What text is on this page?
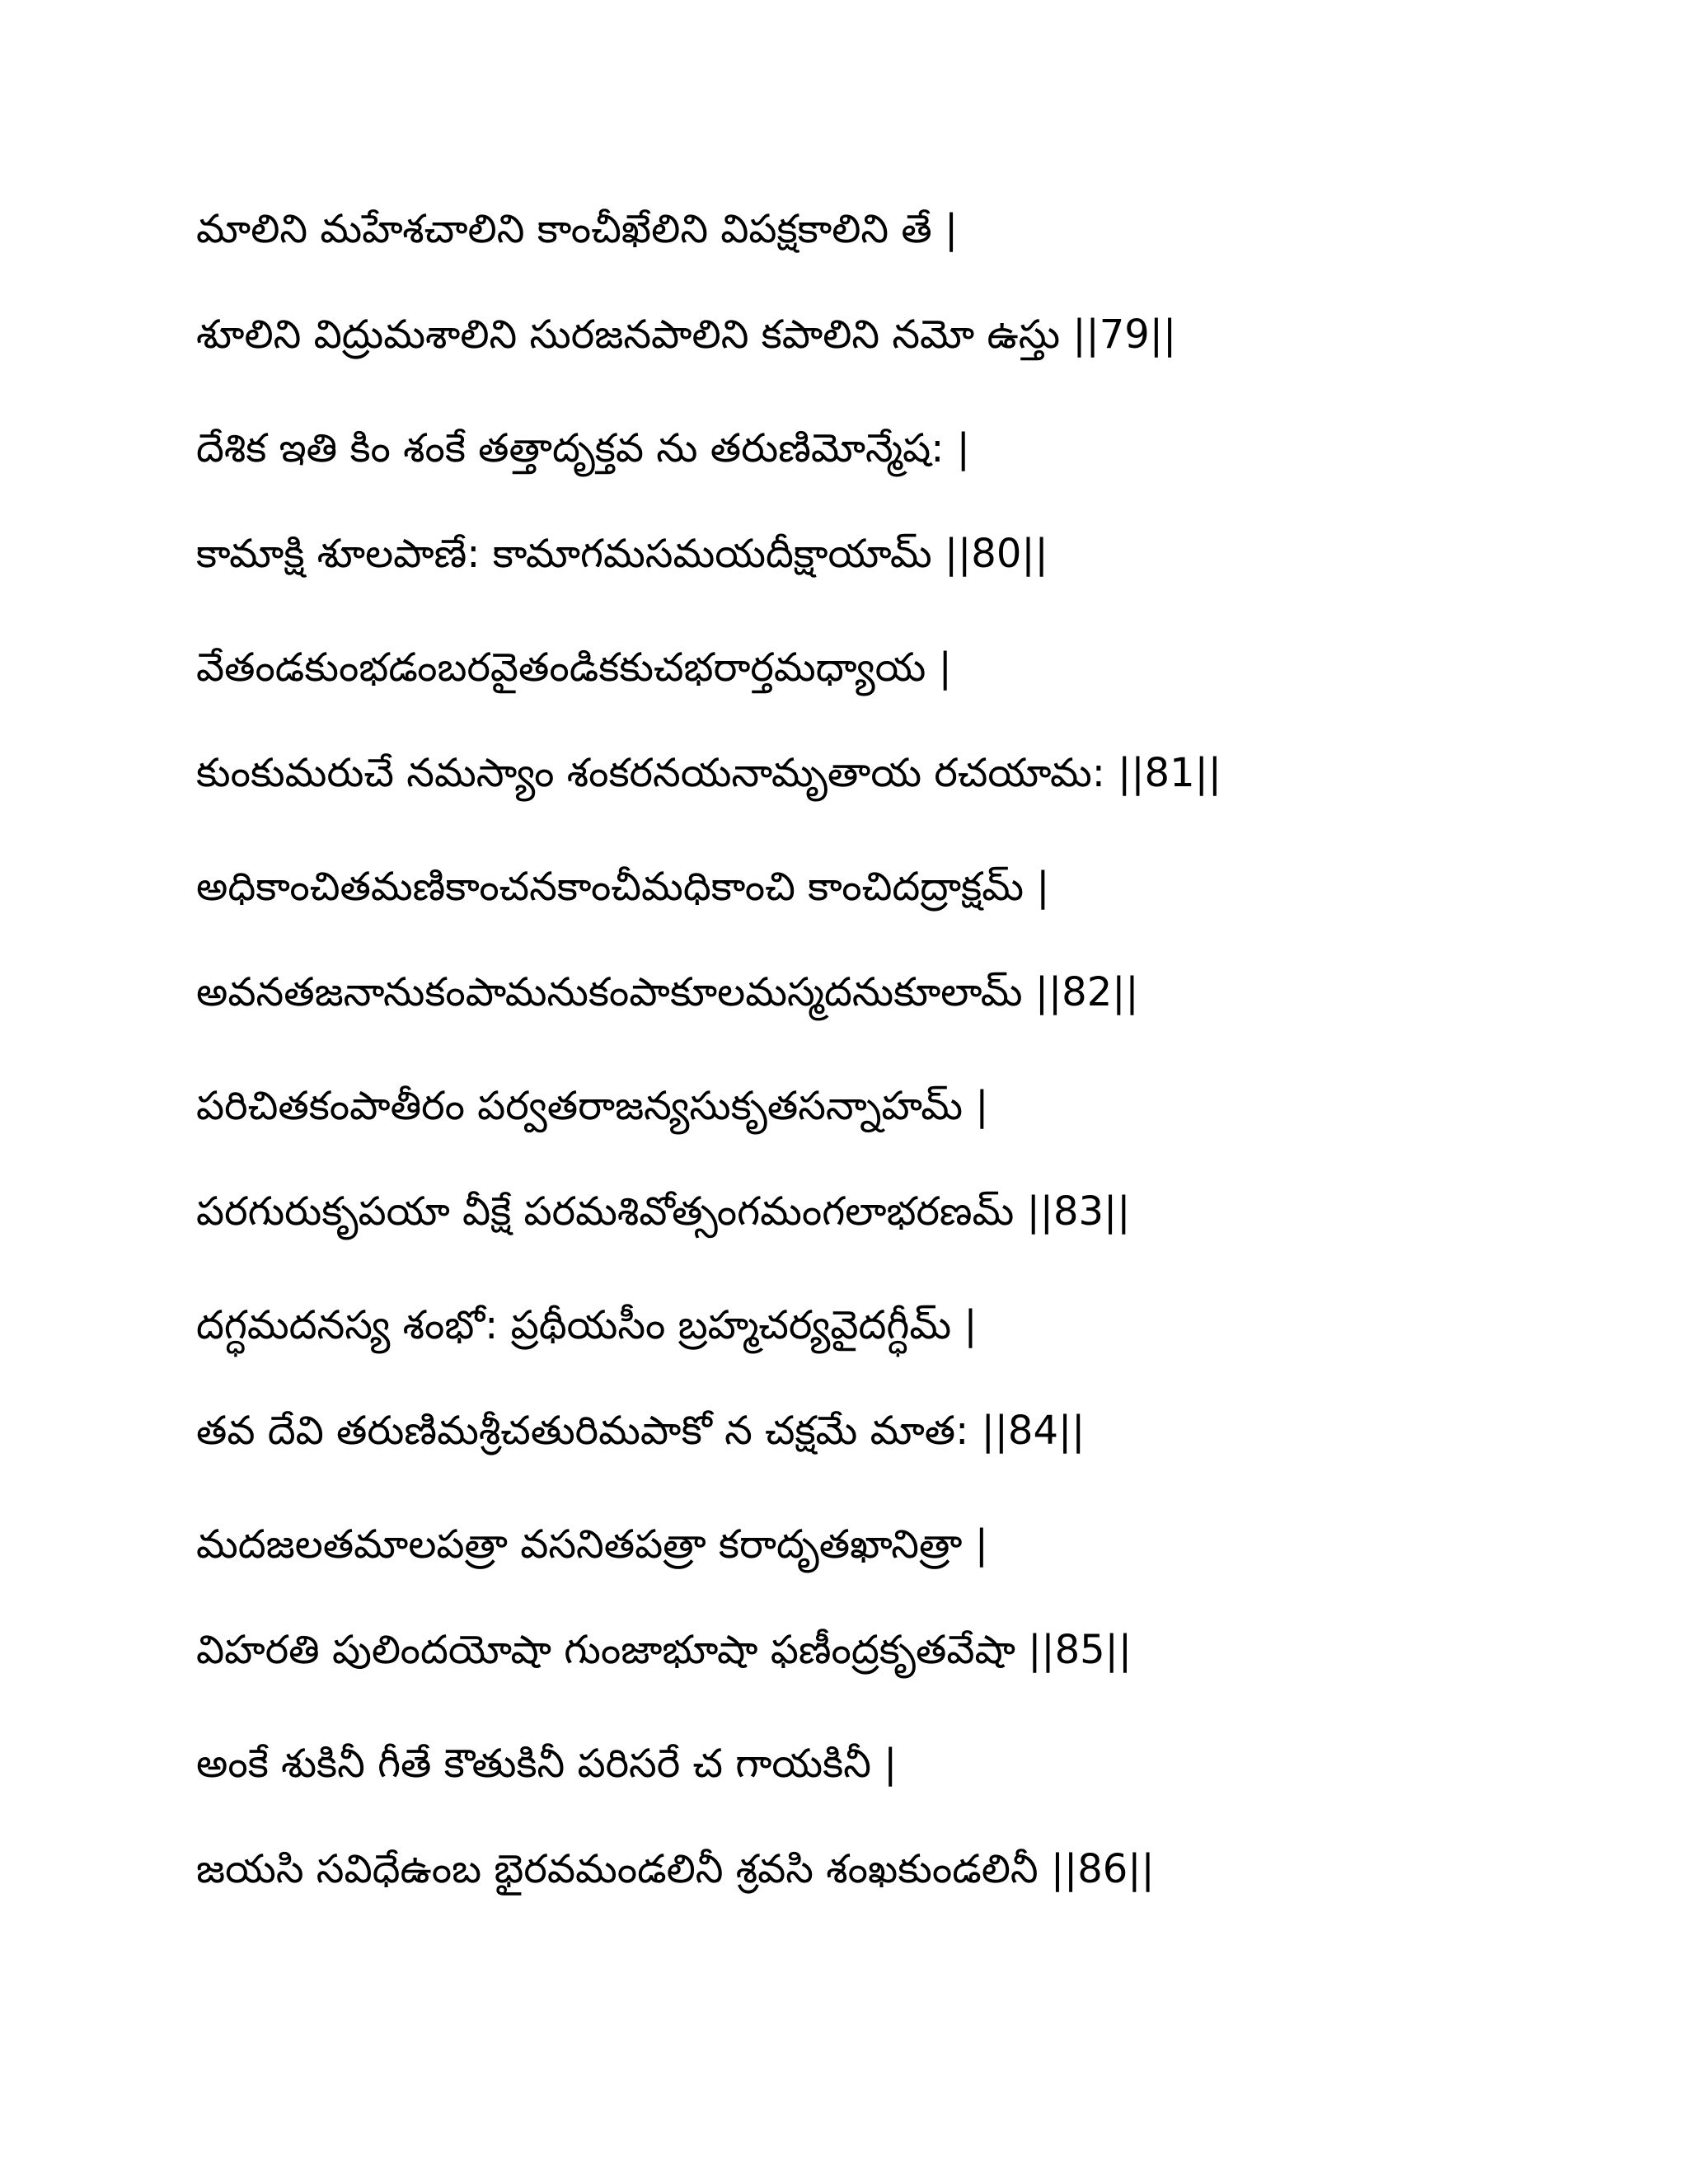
మాలిని మహేశచాలిని కాంచీఖేలిని విపక్షకాలిని తే |
శూలిని విద్రుమశాలిని సురజనపాలిని కపాలిని నమో ఉస్తు ||79||
దేశిక ఇతి కిం శంకే తత్తాదృక్తవ ను తరుణిమోన్మేష: |
కామాక్షి శూలపాణే: కామాగమసమయదీక్షాయామ్ ||80||
వేతండకుంభడంబరవైతండికకుచభరార్తమధ్యాయ |
కుంకుమరుచే నమస్యాం శంకరనయనామృతాయ రచయామ: ||81||
అధికాంచితమణికాంచనకాంచీమధికాంచి కాంచిదద్రాక్షమ్ |
అవనతజనానుకంపామనుకంపాకూలమస్మదనుకూలామ్ ||82||
పరిచితకంపాతీరం పర్వతరాజన్యసుకృతసన్నాహమ్ |
పరగురుకృపయా వీక్షే పరమశివోత్సంగమంగలాభరణమ్ ||83||
దగ్ధమదనస్య శంభో: ప్రథీయసీం బ్రహ్మచర్యవైదగ్ధీమ్ |
తవ దేవి తరుణిమశ్రీచతురిమపాకో న చక్షమే మాత: ||84||
మదజలతమాలపత్రా వసనితపత్రా కరాదృతఖానిత్రా |
విహరతి పులిందయోషా గుంజాభూషా ఫణీంద్రకృతవేషా ||85||
అంకే శుకినీ గీతే కౌతుకినీ పరిసరే చ గాయకినీ |
జయసి సవిధేఉంబ భైరవమండలినీ శ్రవసి శంఖకుండలినీ ||86||
